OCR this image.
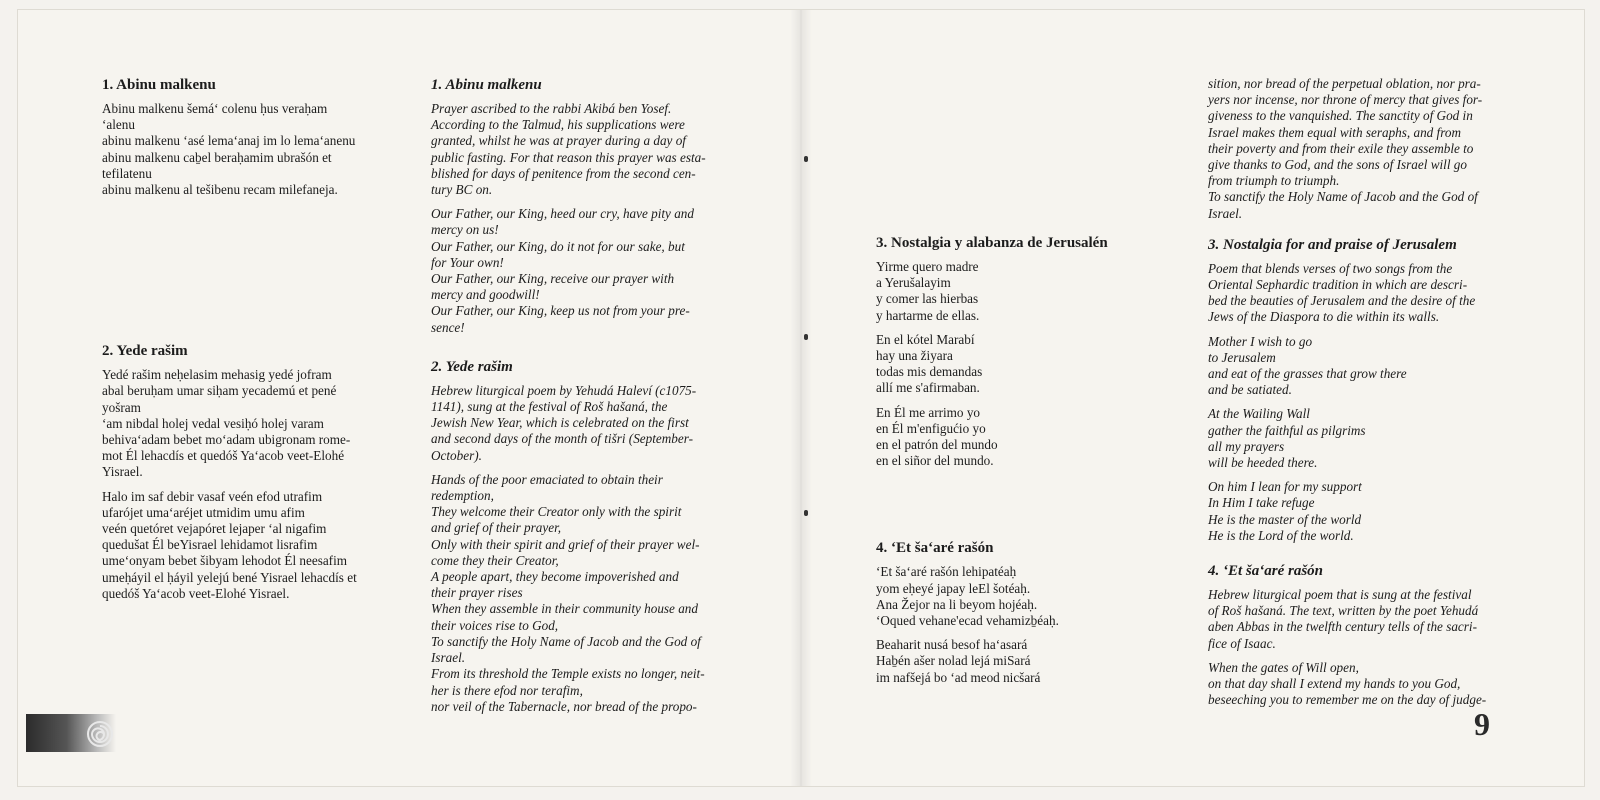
1. Abinu malkenu

Abinu malkenu šemá‘ colenu ḥus veraḥam
‘alenu
abinu malkenu ‘asé lema‘anaj im lo lema‘anenu
abinu malkenu caḇel beraḥamim ubrašón et
tefilatenu
abinu malkenu al tešibenu recam milefaneja.

2. Yede rašim

Yedé rašim neḥelasim mehasig yedé jofram
abal beruḥam umar siḥam yecademú et pené
yošram
‘am nibdal holej vedal vesiḥó holej varam
behiva‘adam bebet mo‘adam ubigronam rome-
mot Él lehacdís et quedóš Ya‘acob veet-Elohé
Yisrael.

Halo im saf debir vasaf veén efod utrafim
ufarójet uma‘aréjet utmidim umu afim
veén quetóret vejapóret lejaper ‘al nigafim
quedušat Él beYisrael lehidamot lisrafim
ume‘onyam bebet šibyam lehodot Él neesafim
umeḥáyil el ḥáyil yelejú bené Yisrael lehacdís et
quedóš Ya‘acob veet-Elohé Yisrael.

1. Abinu malkenu

Prayer ascribed to the rabbi Akibá ben Yosef.
According to the Talmud, his supplications were
granted, whilst he was at prayer during a day of
public fasting. For that reason this prayer was esta-
blished for days of penitence from the second cen-
tury BC on.

Our Father, our King, heed our cry, have pity and
mercy on us!
Our Father, our King, do it not for our sake, but
for Your own!
Our Father, our King, receive our prayer with
mercy and goodwill!
Our Father, our King, keep us not from your pre-
sence!

2. Yede rašim

Hebrew liturgical poem by Yehudá Haleví (c1075-
1141), sung at the festival of Roš hašaná, the
Jewish New Year, which is celebrated on the first
and second days of the month of tišri (September-
October).

Hands of the poor emaciated to obtain their
redemption,
They welcome their Creator only with the spirit
and grief of their prayer,
Only with their spirit and grief of their prayer wel-
come they their Creator,
A people apart, they become impoverished and
their prayer rises
When they assemble in their community house and
their voices rise to God,
To sanctify the Holy Name of Jacob and the God of
Israel.
From its threshold the Temple exists no longer, neit-
her is there efod nor terafim,
nor veil of the Tabernacle, nor bread of the propo-

3. Nostalgia y alabanza de Jerusalén

Yirme quero madre
a Yerušalayim
y comer las hierbas
y hartarme de ellas.

En el kótel Marabí
hay una žiyara
todas mis demandas
allí me s'afirmaban.

En Él me arrimo yo
en Él m'enfigućio yo
en el patrón del mundo
en el siñor del mundo.

4. ‘Et ša‘aré rašón

‘Et ša‘aré rašón lehipatéaḥ
yom eḥeyé japay leEl šotéaḥ.
Ana Žejor na li beyom hojéaḥ.
‘Oqued vehane'ecad vehamizḇéaḥ.

Beaharit nusá besof ha‘asará
Haḇén ašer nolad lejá miSará
im nafšejá bo ‘ad meod nicšará

sition, nor bread of the perpetual oblation, nor pra-
yers nor incense, nor throne of mercy that gives for-
giveness to the vanquished. The sanctity of God in
Israel makes them equal with seraphs, and from
their poverty and from their exile they assemble to
give thanks to God, and the sons of Israel will go
from triumph to triumph.
To sanctify the Holy Name of Jacob and the God of
Israel.

3. Nostalgia for and praise of Jerusalem

Poem that blends verses of two songs from the
Oriental Sephardic tradition in which are descri-
bed the beauties of Jerusalem and the desire of the
Jews of the Diaspora to die within its walls.

Mother I wish to go
to Jerusalem
and eat of the grasses that grow there
and be satiated.

At the Wailing Wall
gather the faithful as pilgrims
all my prayers
will be heeded there.

On him I lean for my support
In Him I take refuge
He is the master of the world
He is the Lord of the world.

4. ‘Et ša‘aré rašón

Hebrew liturgical poem that is sung at the festival
of Roš hašaná. The text, written by the poet Yehudá
aben Abbas in the twelfth century tells of the sacri-
fice of Isaac.

When the gates of Will open,
on that day shall I extend my hands to you God,
beseeching you to remember me on the day of judge-

9
